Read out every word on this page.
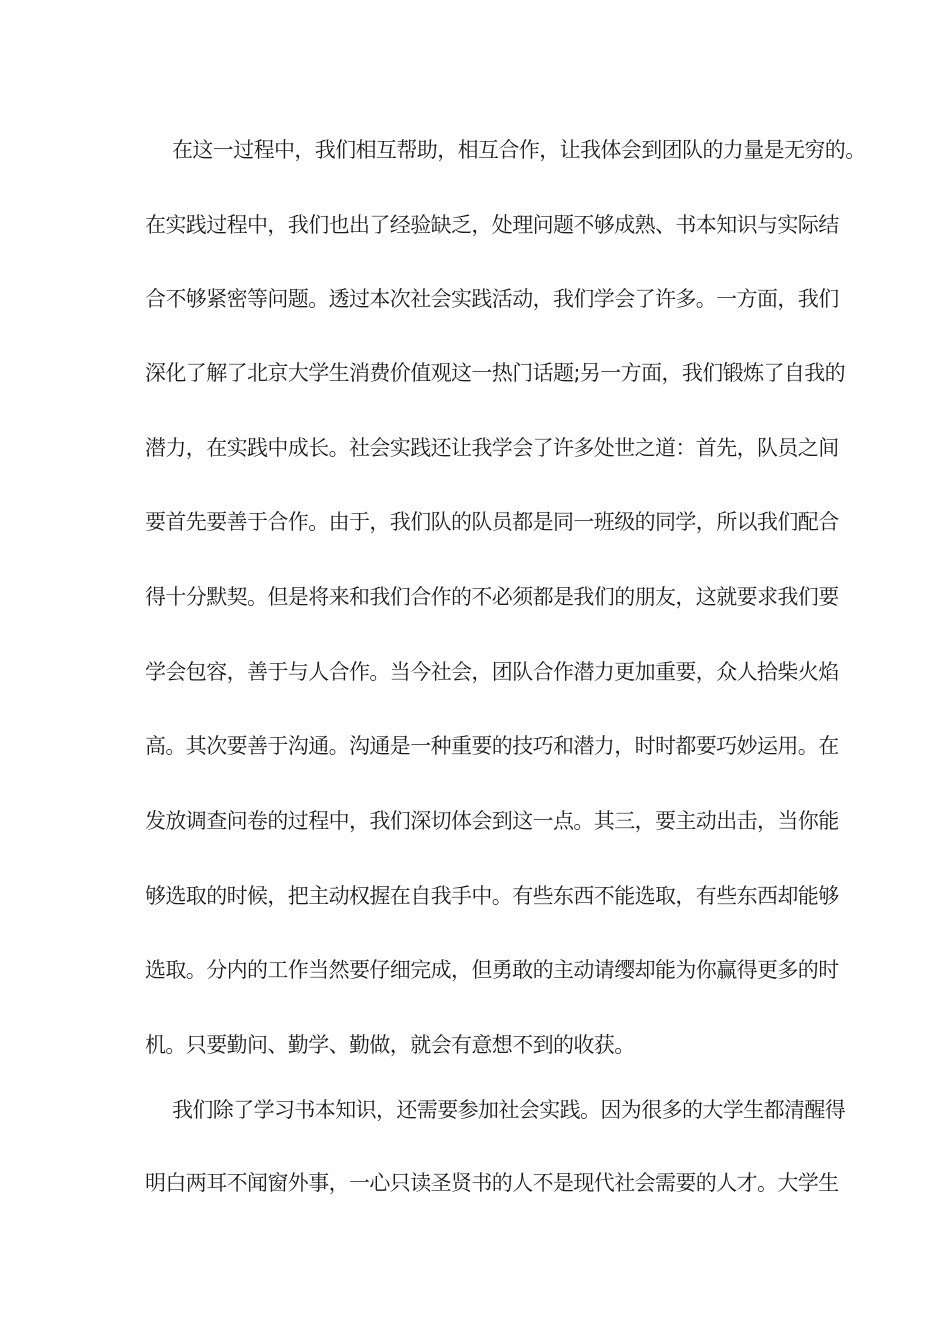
在这一过程中，我们相互帮助，相互合作，让我体会到团队的力量是无穷的。

在实践过程中，我们也出了经验缺乏，处理问题不够成熟、书本知识与实际结

合不够紧密等问题。透过本次社会实践活动，我们学会了许多。一方面，我们

深化了解了北京大学生消费价值观这一热门话题;另一方面，我们锻炼了自我的

潜力，在实践中成长。社会实践还让我学会了许多处世之道：首先，队员之间

要首先要善于合作。由于，我们队的队员都是同一班级的同学，所以我们配合

得十分默契。但是将来和我们合作的不必须都是我们的朋友，这就要求我们要

学会包容，善于与人合作。当今社会，团队合作潜力更加重要，众人拾柴火焰

高。其次要善于沟通。沟通是一种重要的技巧和潜力，时时都要巧妙运用。在

发放调查问卷的过程中，我们深切体会到这一点。其三，要主动出击，当你能

够选取的时候，把主动权握在自我手中。有些东西不能选取，有些东西却能够

选取。分内的工作当然要仔细完成，但勇敢的主动请缨却能为你赢得更多的时

机。只要勤问、勤学、勤做，就会有意想不到的收获。

我们除了学习书本知识，还需要参加社会实践。因为很多的大学生都清醒得

明白两耳不闻窗外事，一心只读圣贤书的人不是现代社会需要的人才。大学生
